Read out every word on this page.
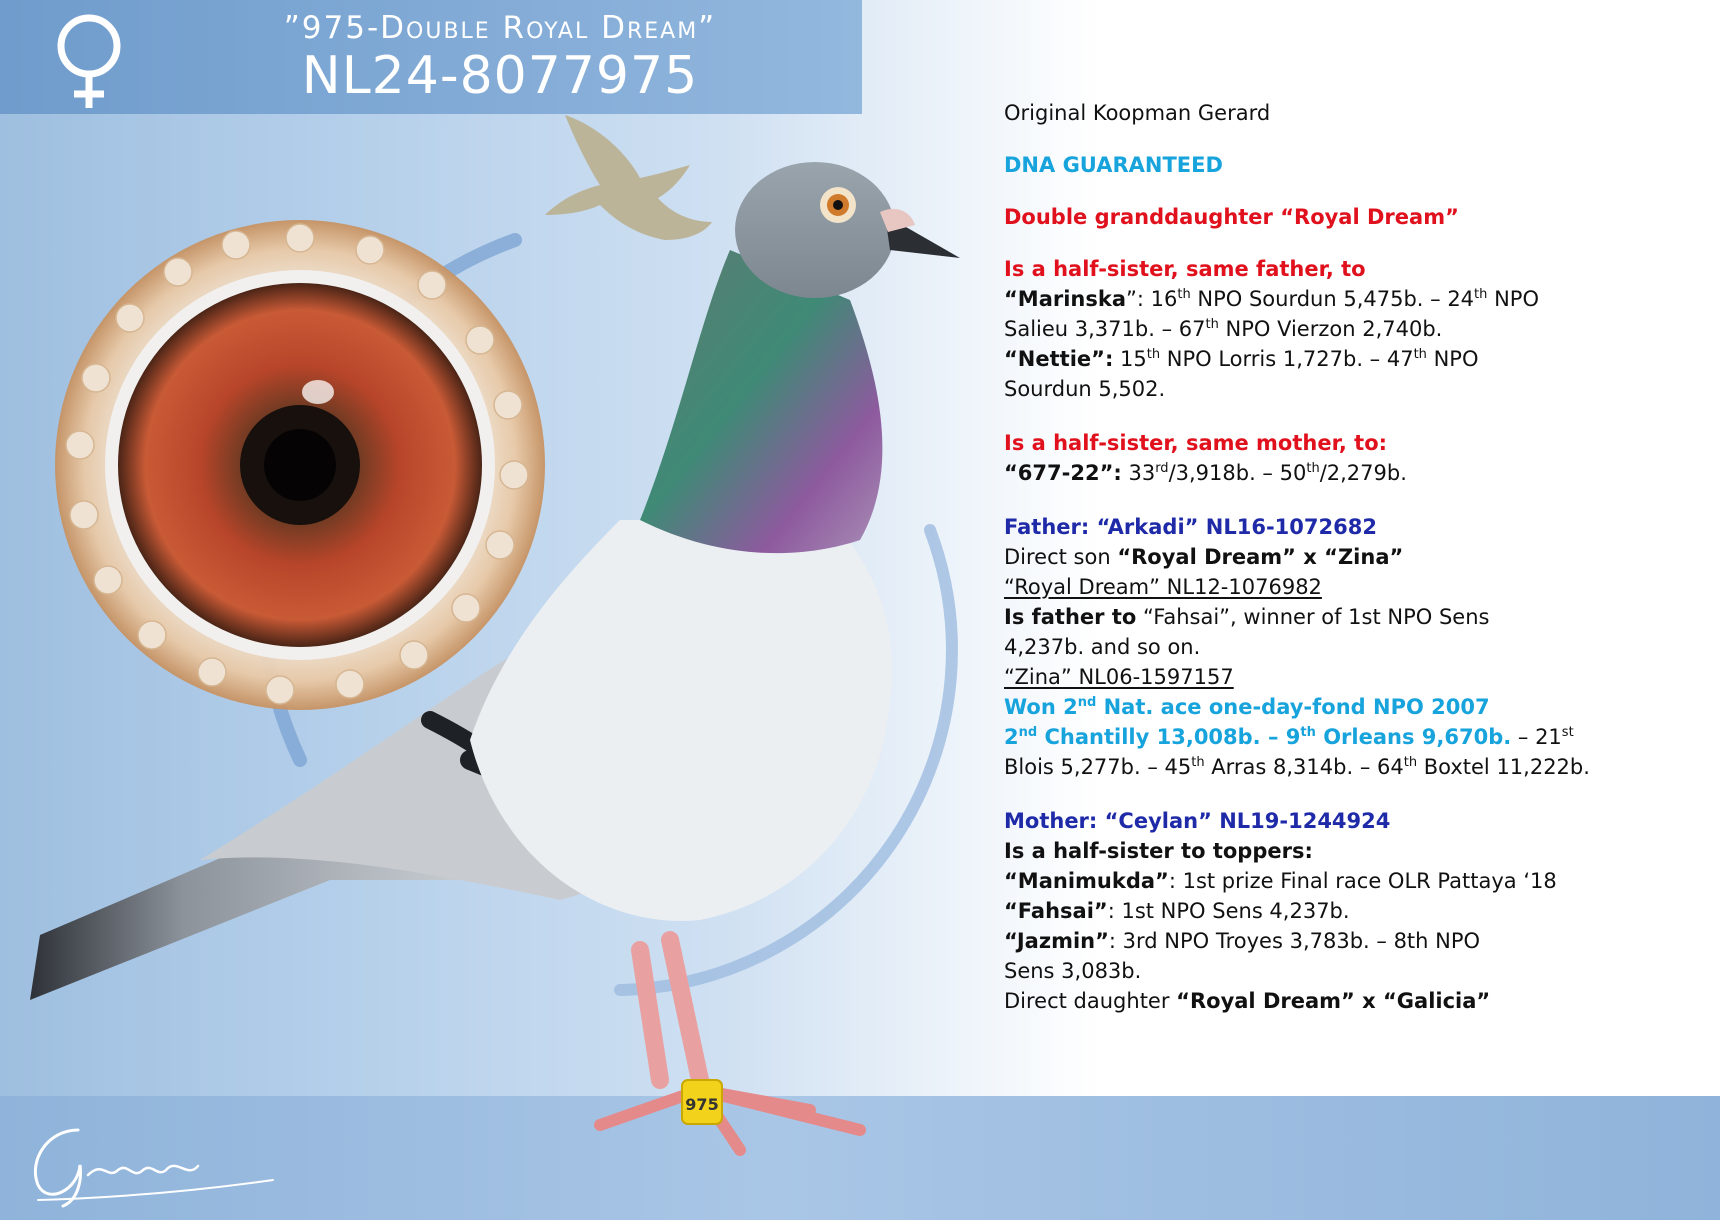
975
”975-Double Royal Dream”
NL24-8077975

Original Koopman Gerard

DNA GUARANTEED

Double granddaughter “Royal Dream”

Is a half-sister, same father, to

“Marinska”: 16th NPO Sourdun 5,475b. – 24th NPO

Salieu 3,371b. – 67th NPO Vierzon 2,740b.

“Nettie”: 15th NPO Lorris 1,727b. – 47th NPO

Sourdun 5,502.

Is a half-sister, same mother, to:

“677-22”: 33rd/3,918b. – 50th/2,279b.

Father: “Arkadi” NL16-1072682

Direct son “Royal Dream” x “Zina”

“Royal Dream” NL12-1076982

Is father to “Fahsai”, winner of 1st NPO Sens

4,237b. and so on.

“Zina” NL06-1597157

Won 2nd Nat. ace one-day-fond NPO 2007

2nd Chantilly 13,008b. – 9th Orleans 9,670b. – 21st

Blois 5,277b. – 45th Arras 8,314b. – 64th Boxtel 11,222b.

Mother: “Ceylan” NL19-1244924

Is a half-sister to toppers:

“Manimukda”: 1st prize Final race OLR Pattaya ‘18

“Fahsai”: 1st NPO Sens 4,237b.

“Jazmin”: 3rd NPO Troyes 3,783b. – 8th NPO

Sens 3,083b.

Direct daughter “Royal Dream” x “Galicia”
